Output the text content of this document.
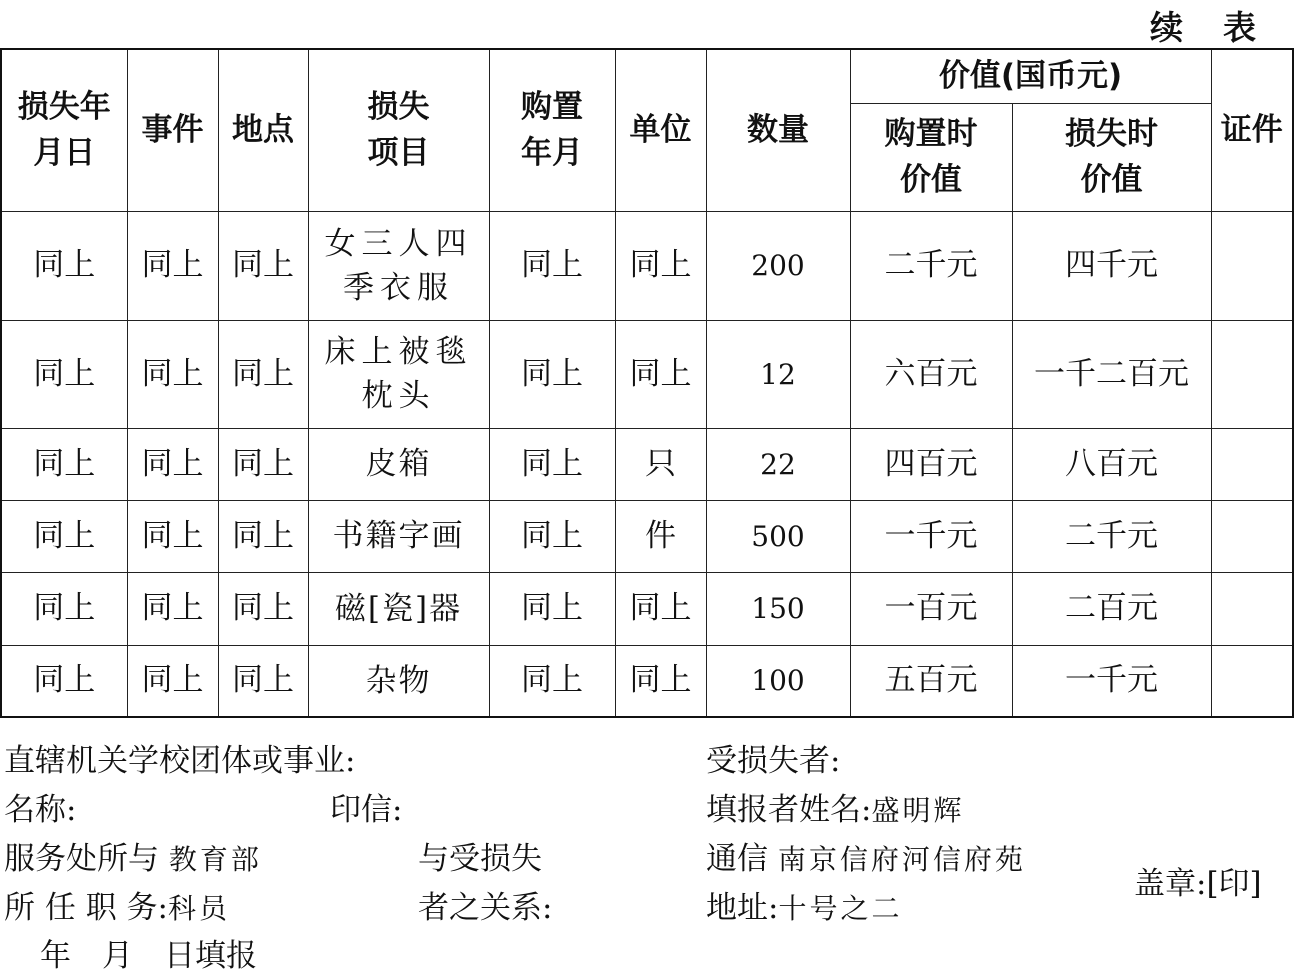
续 表
损失年月日	事件	地点	损失项目	购置年月	单位	数量	价值(国币元)		证件

							购置时价值	损失时价值	

同上	同上	同上	女三人四季衣服	同上	同上	200	二千元	四千元	
同上	同上	同上	床上被毯枕头	同上	同上	12	六百元	一千二百元	
同上	同上	同上	皮箱	同上	只	22	四百元	八百元	
同上	同上	同上	书籍字画	同上	件	500	一千元	二千元	
同上	同上	同上	磁[瓷]器	同上	同上	150	一百元	二百元	
同上	同上	同上	杂物	同上	同上	100	五百元	一千元	
直辖机关学校团体或事业:
名称:	印信:
服务处所与 教育部
所 任 职 务:科员
与受损失
者之关系:
年　月　日填报
受损失者:
填报者姓名:盛明辉
通信 南京信府河信府苑
地址:十号之二
盖章:[印]
